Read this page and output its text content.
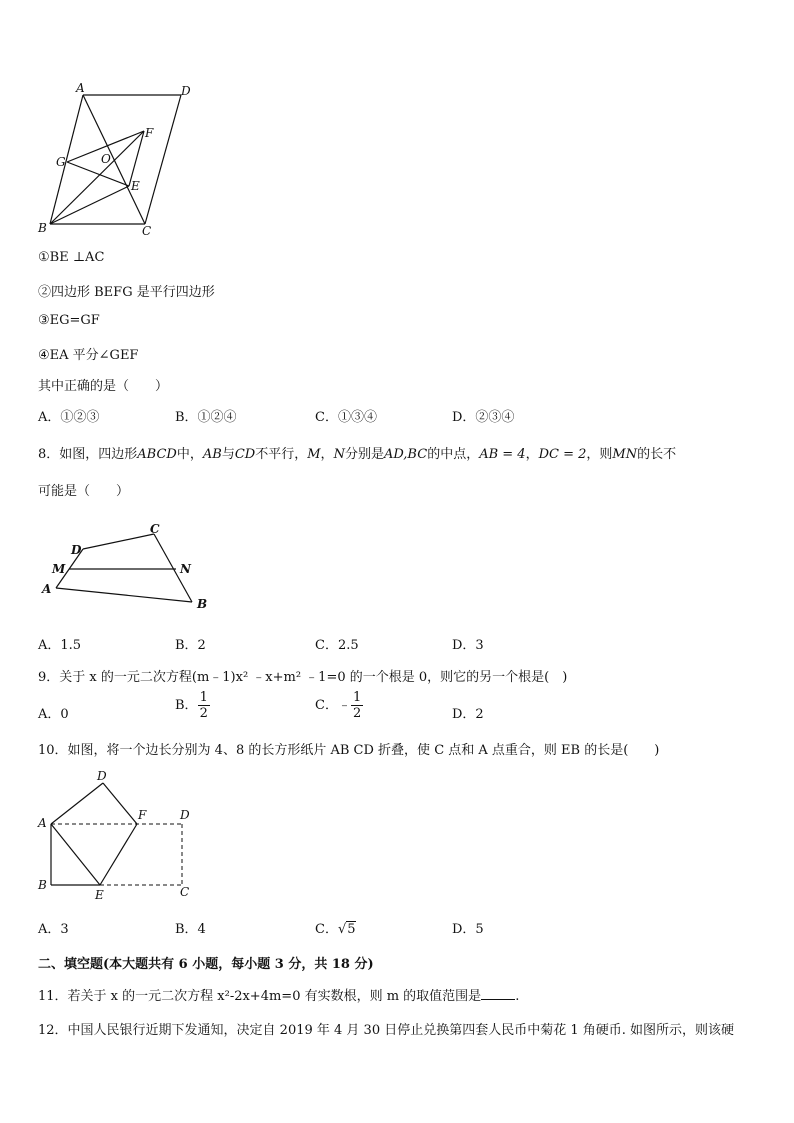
A	D
F
G	O
E
B	C
①BE ⊥AC
②四边形 BEFG 是平行四边形
③EG=GF
④EA 平分∠GEF
其中正确的是（　　）
A．①②③	B．①②④	C．①③④	D．②③④
8．如图，四边形ABCD中，AB与CD不平行，M，N分别是AD,BC的中点，AB = 4，DC = 2，则MN的长不
可能是（　　）
C
D
M	N
A
B
A．1.5	B．2	C．2.5	D．3
9．关于 x 的一元二次方程(m﹣1)x² ﹣x+m² ﹣1=0 的一个根是 0，则它的另一个根是(　)
A．0
B． $\frac{1}{2}$	C．﹣ $\frac{1}{2}$	D．2
10．如图，将一个边长分别为 4、8 的长方形纸片 AB CD 折叠，使 C 点和 A 点重合，则 EB 的长是(　　)
D
A
F	D
B
E	C
A．3	B．4	C．√5	D．5
二、填空题(本大题共有 6 小题，每小题 3 分，共 18 分)
11．若关于 x 的一元二次方程 x²-2x+4m=0 有实数根，则 m 的取值范围是	.
12．中国人民银行近期下发通知，决定自 2019 年 4 月 30 日停止兑换第四套人民币中菊花 1 角硬币. 如图所示，则该硬
